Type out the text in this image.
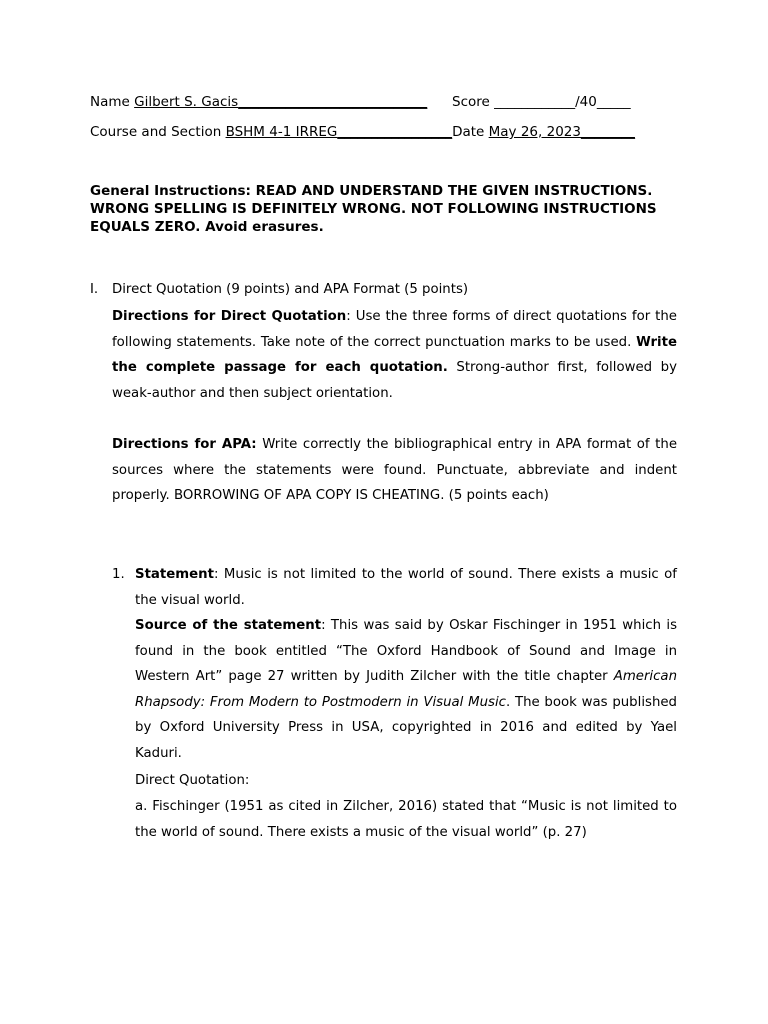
Name Gilbert S. Gacis____________________________ Score ____________/40_____
Course and Section BSHM 4-1 IRREG_________________Date May 26, 2023________
General Instructions: READ AND UNDERSTAND THE GIVEN INSTRUCTIONS. WRONG SPELLING IS DEFINITELY WRONG. NOT FOLLOWING INSTRUCTIONS EQUALS ZERO. Avoid erasures.
I. Direct Quotation (9 points) and APA Format (5 points)
Directions for Direct Quotation: Use the three forms of direct quotations for the following statements. Take note of the correct punctuation marks to be used. Write the complete passage for each quotation. Strong-author first, followed by weak-author and then subject orientation.
Directions for APA: Write correctly the bibliographical entry in APA format of the sources where the statements were found. Punctuate, abbreviate and indent properly. BORROWING OF APA COPY IS CHEATING. (5 points each)
1. Statement: Music is not limited to the world of sound. There exists a music of the visual world.
Source of the statement: This was said by Oskar Fischinger in 1951 which is found in the book entitled “The Oxford Handbook of Sound and Image in Western Art” page 27 written by Judith Zilcher with the title chapter American Rhapsody: From Modern to Postmodern in Visual Music. The book was published by Oxford University Press in USA, copyrighted in 2016 and edited by Yael Kaduri.
Direct Quotation:
a. Fischinger (1951 as cited in Zilcher, 2016) stated that “Music is not limited to the world of sound. There exists a music of the visual world” (p. 27)
